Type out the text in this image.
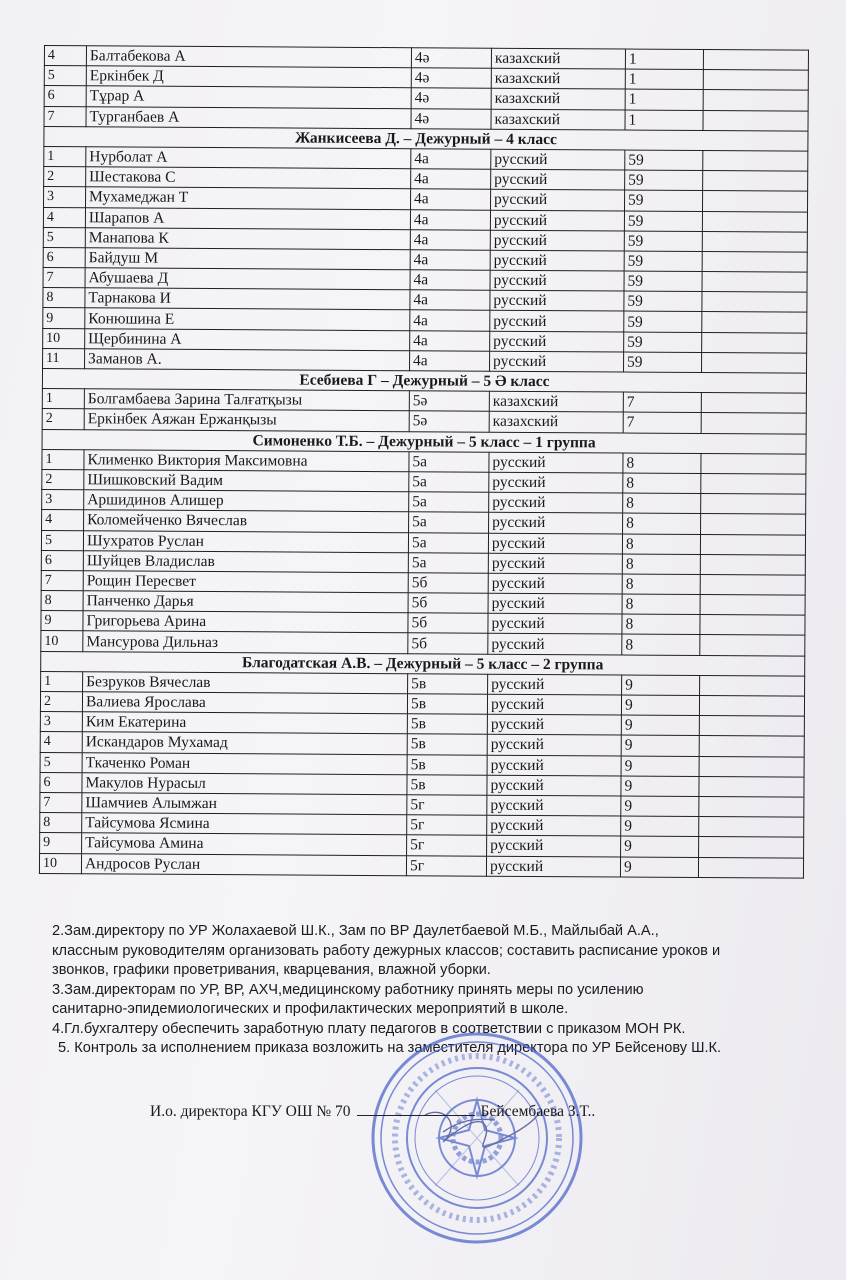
4	Балтабекова А	4ә	казахский	1	
5	Еркінбек Д	4ә	казахский	1	
6	Тұрар А	4ә	казахский	1	
7	Турганбаев А	4ә	казахский	1	
Жанкисеева Д. – Дежурный – 4 класс					
1	Нурболат А	4а	русский	59	
2	Шестакова С	4а	русский	59	
3	Мухамеджан Т	4а	русский	59	
4	Шарапов А	4а	русский	59	
5	Манапова К	4а	русский	59	
6	Байдуш М	4а	русский	59	
7	Абушаева Д	4а	русский	59	
8	Тарнакова И	4а	русский	59	
9	Конюшина Е	4а	русский	59	
10	Щербинина А	4а	русский	59	
11	Заманов А.	4а	русский	59	
Есебиева Г – Дежурный – 5 Ә класс					
1	Болгамбаева Зарина Талғатқызы	5ә	казахский	7	
2	Еркінбек Аяжан Ержанқызы	5ә	казахский	7	
Симоненко Т.Б. – Дежурный – 5 класс – 1 группа					
1	Клименко Виктория Максимовна	5а	русский	8	
2	Шишковский Вадим	5а	русский	8	
3	Аршидинов Алишер	5а	русский	8	
4	Коломейченко Вячеслав	5а	русский	8	
5	Шухратов Руслан	5а	русский	8	
6	Шуйцев Владислав	5а	русский	8	
7	Рощин Пересвет	5б	русский	8	
8	Панченко Дарья	5б	русский	8	
9	Григорьева Арина	5б	русский	8	
10	Мансурова Дильназ	5б	русский	8	
Благодатская А.В. – Дежурный – 5 класс – 2 группа					
1	Безруков Вячеслав	5в	русский	9	
2	Валиева Ярослава	5в	русский	9	
3	Ким Екатерина	5в	русский	9	
4	Искандаров Мухамад	5в	русский	9	
5	Ткаченко Роман	5в	русский	9	
6	Макулов Нурасыл	5в	русский	9	
7	Шамчиев Алымжан	5г	русский	9	
8	Тайсумова Ясмина	5г	русский	9	
9	Тайсумова Амина	5г	русский	9	
10	Андросов Руслан	5г	русский	9	

2.Зам.директору по УР Жолахаевой Ш.К., Зам по ВР Даулетбаевой М.Б., Майлыбай А.А.,

классным руководителям организовать работу дежурных классов; составить расписание уроков и

звонков, графики проветривания, кварцевания, влажной уборки.

3.Зам.директорам по УР, ВР, АХЧ,медицинскому работнику принять меры по усилению

санитарно-эпидемиологических и профилактических мероприятий в школе.

4.Гл.бухгалтеру обеспечить заработную плату педагогов в соответствии с приказом МОН РК.

5. Контроль за исполнением приказа возложить на заместителя директора по УР Бейсенову Ш.К.

И.о. директора КГУ ОШ № 70	Бейсембаева З.Т..
